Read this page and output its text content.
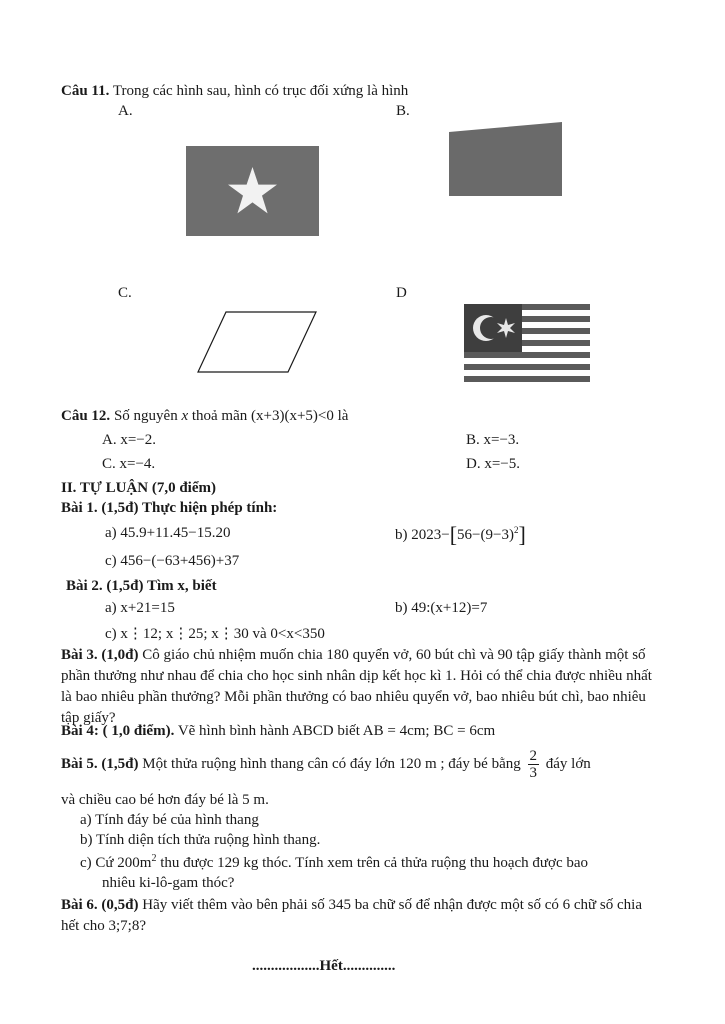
Câu 11. Trong các hình sau, hình có trục đối xứng là hình
A.	B.
C.	D
Câu 12. Số nguyên x thoả mãn (x+3)(x+5)<0 là
A. x=−2.	B. x=−3.
C. x=−4.	D. x=−5.
II. TỰ LUẬN (7,0 điểm)
Bài 1. (1,5đ) Thực hiện phép tính:
a) 45.9+11.45−15.20	b) $2023-[56-(9-3)^2]$
c) 456−(−63+456)+37
Bài 2. (1,5đ) Tìm x, biết
a) x+21=15	b) 49:(x+12)=7
c) x⋮12; x⋮25; x⋮30 và 0<x<350
Bài 3. (1,0đ) Cô giáo chủ nhiệm muốn chia 180 quyển vở, 60 bút chì và 90 tập giấy thành một số phần thưởng như nhau để chia cho học sinh nhân dịp kết học kì 1. Hỏi có thể chia được nhiều nhất là bao nhiêu phần thưởng? Mỗi phần thưởng có bao nhiêu quyển vở, bao nhiêu bút chì, bao nhiêu tập giấy?
Bài 4: ( 1,0 điểm). Vẽ hình bình hành ABCD biết AB = 4cm; BC = 6cm
Bài 5. (1,5đ) Một thửa ruộng hình thang cân có đáy lớn 120 m ; đáy bé bằng $\frac{2}{3}$ đáy lớn
và chiều cao bé hơn đáy bé là 5 m.
a) Tính đáy bé của hình thang
b) Tính diện tích thửa ruộng hình thang.
c) Cứ $200m^2$ thu được 129 kg thóc. Tính xem trên cả thửa ruộng thu hoạch được bao
nhiêu ki-lô-gam thóc?
Bài 6. (0,5đ) Hãy viết thêm vào bên phải số 345 ba chữ số để nhận được một số có 6 chữ số chia hết cho 3;7;8?
..................Hết..............
